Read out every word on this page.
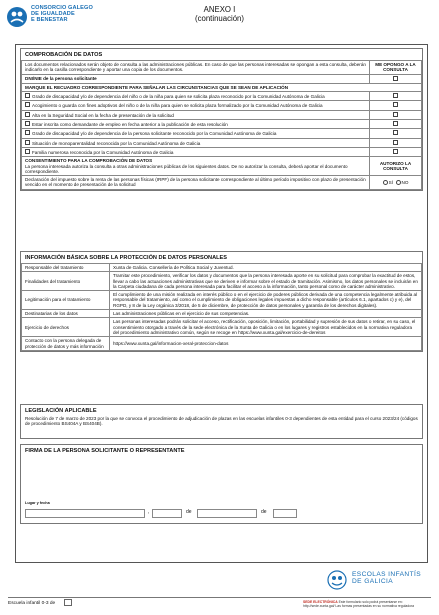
CONSORCIO GALEGO
DE IGUALDADE
E BENESTAR
ANEXO I
(continuación)
COMPROBACIÓN DE DATOS
Los documentos relacionados serán objeto de consulta a las administraciones públicas. En caso de que las personas interesadas se opongan a esta consulta, deberán indicarlo en la casilla correspondiente y aportar una copia de los documentos.	ME OPONGO A LA CONSULTA
DNI/NIE de la persona solicitante	
MARQUE EL RECUADRO CORRESPONDIENTE PARA SEÑALAR LAS CIRCUNSTANCIAS QUE SE SEAN DE APLICACIÓN	
Grado de discapacidad y/o de dependencia del niño o de la niña para quien se solicita plaza reconocido por la Comunidad Autónoma de Galicia	
Acogimiento o guarda con fines adoptivos del niño o de la niña para quien se solicita plaza formalizado por la Comunidad Autónoma de Galicia	
Alta en la Seguridad Social en la fecha de presentación de la solicitud	
Estar inscrita como demandante de empleo en fecha anterior a la publicación de esta resolución	
Grado de discapacidad y/o de dependencia de la persona solicitante reconocido por la Comunidad Autónoma de Galicia	
Situación de monoparentalidad reconocida por la Comunidad Autónoma de Galicia	
Familia numerosa reconocida por la Comunidad Autónoma de Galicia	

CONSENTIMIENTO PARA LA COMPROBACIÓN DE DATOS
La persona interesada autoriza la consulta a otras administraciones públicas de los siguientes datos. De no autorizar la consulta, deberá aportar el documento correspondiente.	AUTORIZO LA CONSULTA
Declaración del impuesto sobre la renta de las personas físicas (IRPF) de la persona solicitante correspondiente al último período impositivo con plazo de presentación vencido en el momento de presentación de la solicitud	SÍ NO
INFORMACIÓN BÁSICA SOBRE LA PROTECCIÓN DE DATOS PERSONALES
Responsable del tratamiento	Xunta de Galicia. Consellería de Política Social y Juventud.
Finalidades del tratamiento	Tramitar este procedimiento, verificar los datos y documentos que la persona interesada aporte en su solicitud para comprobar la exactitud de estos, llevar a cabo las actuaciones administrativas que se deriven e informar sobre el estado de tramitación. Asimismo, los datos personales se incluirán en la Carpeta ciudadana de cada persona interesada para facilitar el acceso a la información, tanto personal como de carácter administrativo.
Legitimación para el tratamiento	El cumplimiento de una misión realizada en interés público o en el ejercicio de poderes públicos derivada de una competencia legalmente atribuida al responsable del tratamiento, así como el cumplimiento de obligaciones legales impuestas a dicho responsable (artículos 6.1, apartados c) y e), del RGPD, y 8 de la Ley orgánica 3/2018, de 5 de diciembre, de protección de datos personales y garantía de los derechos digitales).
Destinatarias de los datos	Las administraciones públicas en el ejercicio de sus competencias.
Ejercicio de derechos	Las personas interesadas podrán solicitar el acceso, rectificación, oposición, limitación, portabilidad y supresión de sus datos o retirar, en su caso, el consentimiento otorgado a través de la sede electrónica de la Xunta de Galicia o en los lugares y registros establecidos en la normativa reguladora del procedimiento administrativo común, según se recoge en https://www.xunta.gal/exercicio-de-dereitos
Contacto con la persona delegada de protección de datos y más información	https://www.xunta.gal/informacion-xeral-proteccion-datos
LEGISLACIÓN APLICABLE
Resolución de 7 de marzo de 2023 por la que se convoca el procedimiento de adjudicación de plazas en las escuelas infantiles 0-3 dependientes de esta entidad para el curso 2023/24 (códigos de procedimiento BS404A y BS404B).
FIRMA DE LA PERSONA SOLICITANTE O REPRESENTANTE
Lugar y fecha
,	de	de
ESCOLAS INFANTÍS
DE GALICIA
Escuela infantil 0-3 de	SEDE ELECTRÓNICA Este formulario solo podrá presentarse en: http://sede.xunta.gal/ Las formas presentadas en su normativa reguladora
